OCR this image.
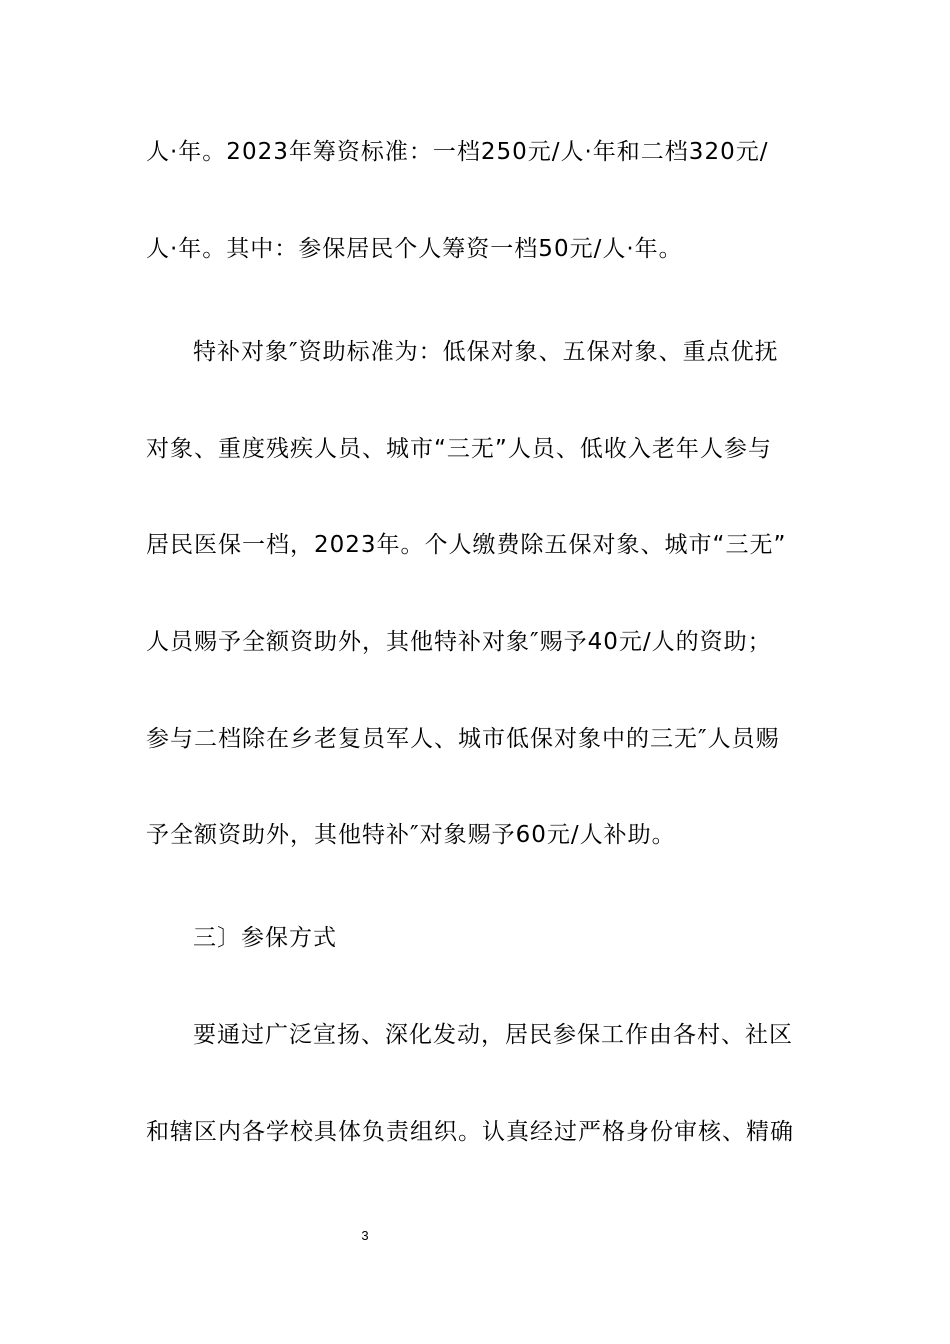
人·年。2023年筹资标准：一档250元/人·年和二档320元/
人·年。其中：参保居民个人筹资一档50元/人·年。
特补对象″资助标准为：低保对象、五保对象、重点优抚
对象、重度残疾人员、城市“三无”人员、低收入老年人参与
居民医保一档，2023年。个人缴费除五保对象、城市“三无”
人员赐予全额资助外，其他特补对象″赐予40元/人的资助；
参与二档除在乡老复员军人、城市低保对象中的三无″人员赐
予全额资助外，其他特补″对象赐予60元/人补助。
三〕参保方式
要通过广泛宣扬、深化发动，居民参保工作由各村、社区
和辖区内各学校具体负责组织。认真经过严格身份审核、精确
3
